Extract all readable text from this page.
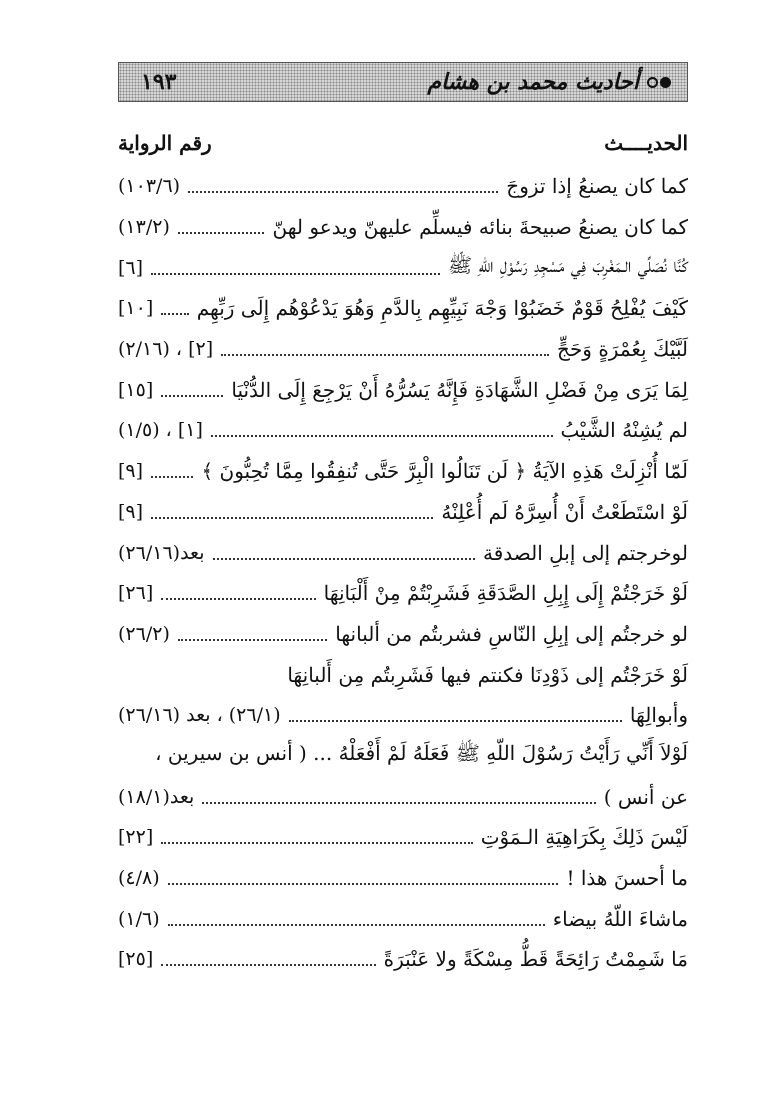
١٩٣	أحاديث محمد بن هشام
الحديــــث
رقم الرواية
كما كان يصنعُ إذا تزوجَ
(١٠٣/٦)
كما كان يصنعُ صبيحةَ بنائه فيسلِّم عليهنّ ويدعو لهنّ
(١٣/٢)
كُنَّا نُصَلِّي الـمَغْرِبَ فِي مَسْجِدِ رَسُوْلِ اللّهِ ﷺ
[٦]
كَيْفَ يُفْلِحُ قَوْمٌ خَضَبُوْا وَجْهَ نَبِيِّهِم بِالدَّمِ وَهُوَ يَدْعُوْهُم إِلَى رَبِّهِم
[١٠]
لَبَّيْكَ بِعُمْرَةٍ وَحَجٍّ
[٢] ، (٢/١٦)
لِمَا يَرَى مِنْ فَضْلِ الشَّهَادَةِ فَإِنَّهُ يَسُرُّهُ أَنْ يَرْجِعَ إِلَى الدُّنْيَا
[١٥]
لم يُشِنْهُ الشَّيْبُ
[١] ، (١/٥)
لَمّا أُنْزِلَتْ هَذِهِ الآيَةُ ﴿ لَن تَنَالُوا الْبِرَّ حَتَّى تُنفِقُوا مِمَّا تُحِبُّونَ ﴾
[٩]
لَوْ اسْتَطَعْتُ أَنْ أُسِرَّهُ لَم أُعْلِنْهُ
[٩]
لوخرجتم إلى إبلِ الصدقة
بعد(٢٦/١٦)
لَوْ خَرَجْتُمْ إِلَى إِبِلِ الصَّدَقَةِ فَشَرِبْتُمْ مِنْ أَلْبَانِهَا
[٢٦]
لو خرجتُم إلى إبِلِ النّاسِ فشربتُم من ألبانها
(٢٦/٢)
لَوْ خَرَجْتُم إلى ذَوْدِنَا فكنتم فيها فَشَرِبتُم مِن أَلبانِهَا
وأبوالِهَا
(٢٦/١) ، بعد (٢٦/١٦)
لَوْلاَ أَنِّي رَأَيْتُ رَسُوْلَ اللّهِ ﷺ فَعَلَهُ لَمْ أَفْعَلْهُ ... ( أنس بن سيرين ،
عن أنس )
بعد(١٨/١)
لَيْسَ ذَلِكَ بِكَرَاهِيَةِ الـمَوْتِ
[٢٢]
ما أحسنَ هذا !
(٤/٨)
ماشاءَ اللّهُ بيضاء
(١/٦)
مَا شَمِمْتُ رَائِحَةً قَطُّ مِسْكَةً ولا عَنْبَرَةً
[٢٥]
